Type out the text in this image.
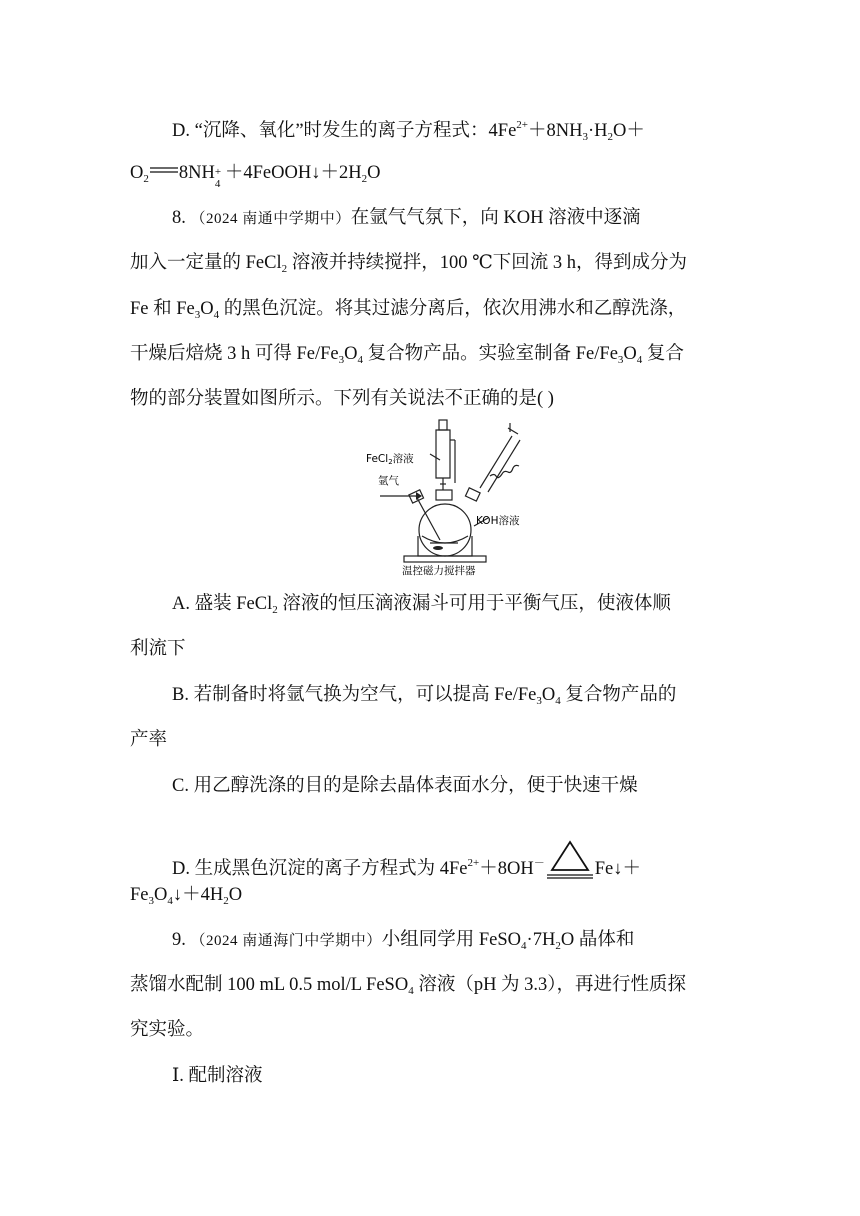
D. “沉降、氧化”时发生的离子方程式：$4Fe^{2+}+8NH_3\cdot H_2O+$
$O_2$ 8NH +
4
$+4FeOOH↓+2H_2O$
8. （2024 南通中学期中）在氩气气氛下，向 KOH 溶液中逐滴
加入一定量的 FeCl$_2$ 溶液并持续搅拌，100 ℃下回流 3 h，得到成分为
Fe 和 $Fe_3O_4$ 的黑色沉淀。将其过滤分离后，依次用沸水和乙醇洗涤，
干燥后焙烧 3 h 可得 $Fe/Fe_3O_4$ 复合物产品。实验室制备 $Fe/Fe_3O_4$ 复合
物的部分装置如图所示。下列有关说法不正确的是( )
FeCl2溶液
氩气
KOH溶液
温控磁力搅拌器
A. 盛装 FeCl$_2$ 溶液的恒压滴液漏斗可用于平衡气压，使液体顺
利流下
B. 若制备时将氩气换为空气，可以提高 $Fe/Fe_3O_4$ 复合物产品的
产率
C. 用乙醇洗涤的目的是除去晶体表面水分，便于快速干燥
D. 生成黑色沉淀的离子方程式为 $4Fe^{2+}+8OH^-$	Fe↓＋
$Fe_3O_4↓+4H_2O$
9. （2024 南通海门中学期中）小组同学用 $FeSO_4\cdot 7H_2O$ 晶体和
蒸馏水配制 100 mL 0.5 mol/L FeSO$_4$ 溶液（pH 为 3.3），再进行性质探
究实验。
Ⅰ. 配制溶液
